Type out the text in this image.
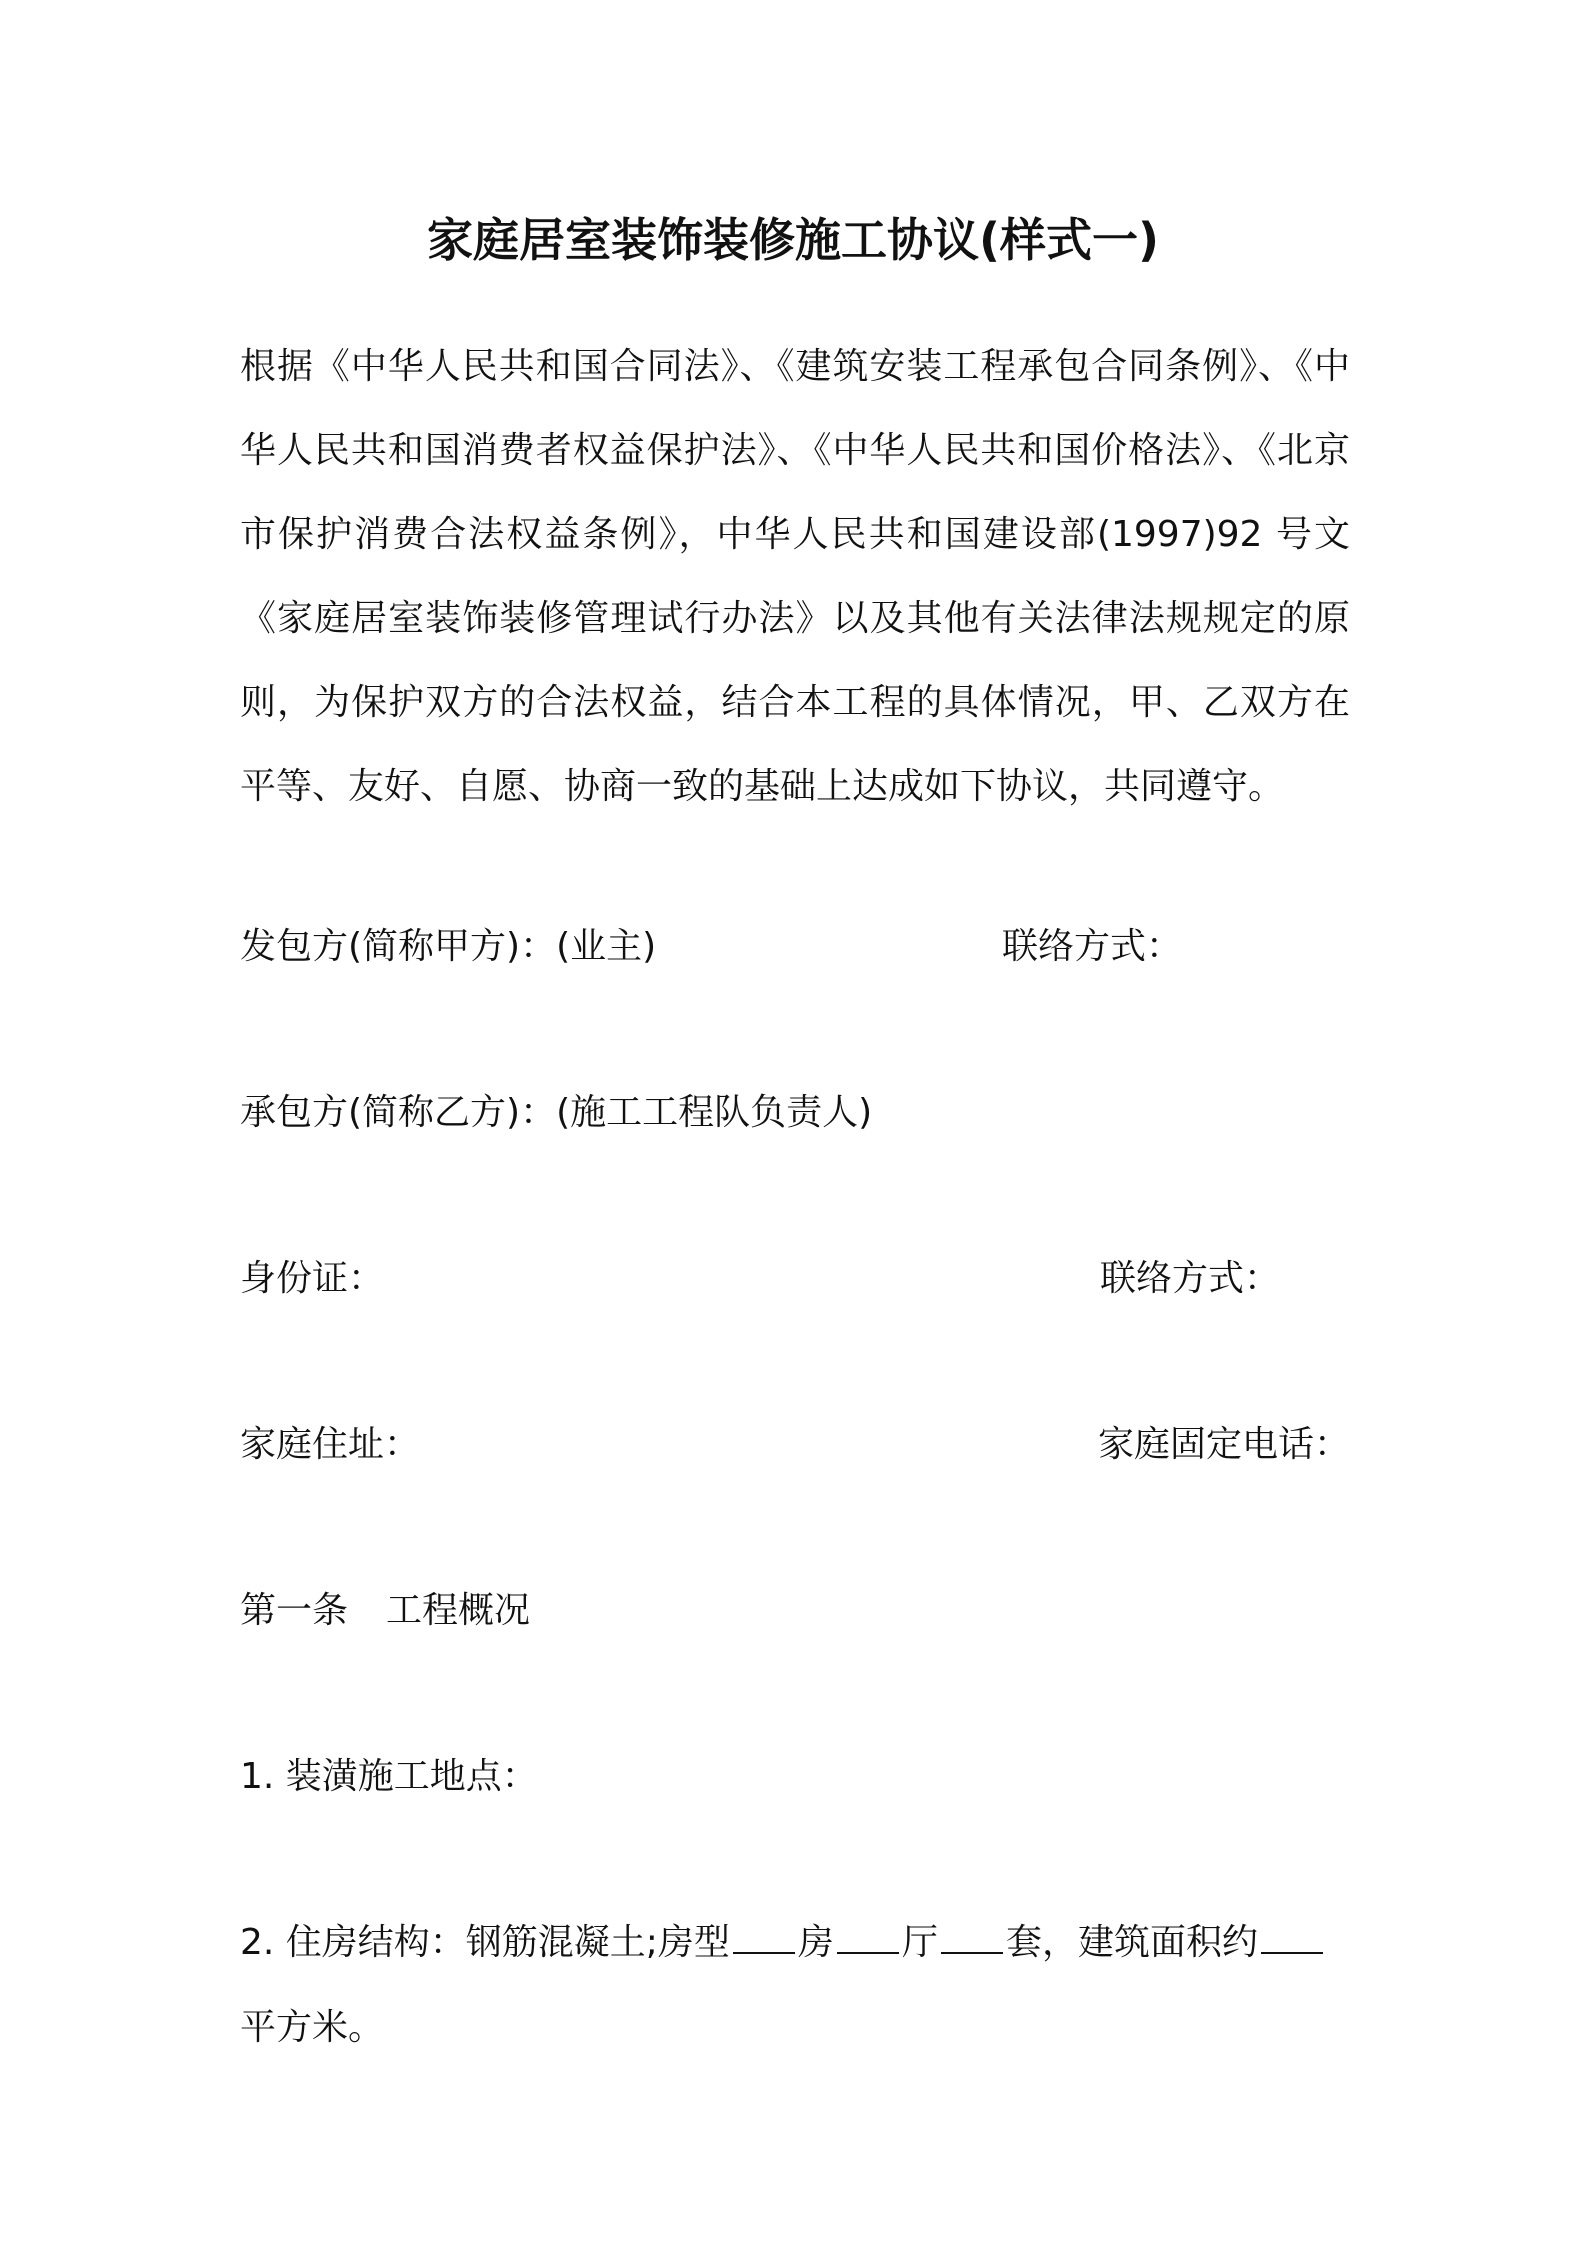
家庭居室装饰装修施工协议(样式一)
根据《中华人民共和国合同法》、《建筑安装工程承包合同条例》、《中华人民共和国消费者权益保护法》、《中华人民共和国价格法》、《北京市保护消费合法权益条例》，中华人民共和国建设部(1997)92 号文《家庭居室装饰装修管理试行办法》以及其他有关法律法规规定的原则，为保护双方的合法权益，结合本工程的具体情况，甲、乙双方在平等、友好、自愿、协商一致的基础上达成如下协议，共同遵守。
发包方(简称甲方)：(业主)	联络方式：
承包方(简称乙方)：(施工工程队负责人)
身份证：	联络方式：
家庭住址：	家庭固定电话：
第一条 工程概况
1. 装潢施工地点：
2. 住房结构：钢筋混凝土;房型 房 厅 套，建筑面积约
平方米。
